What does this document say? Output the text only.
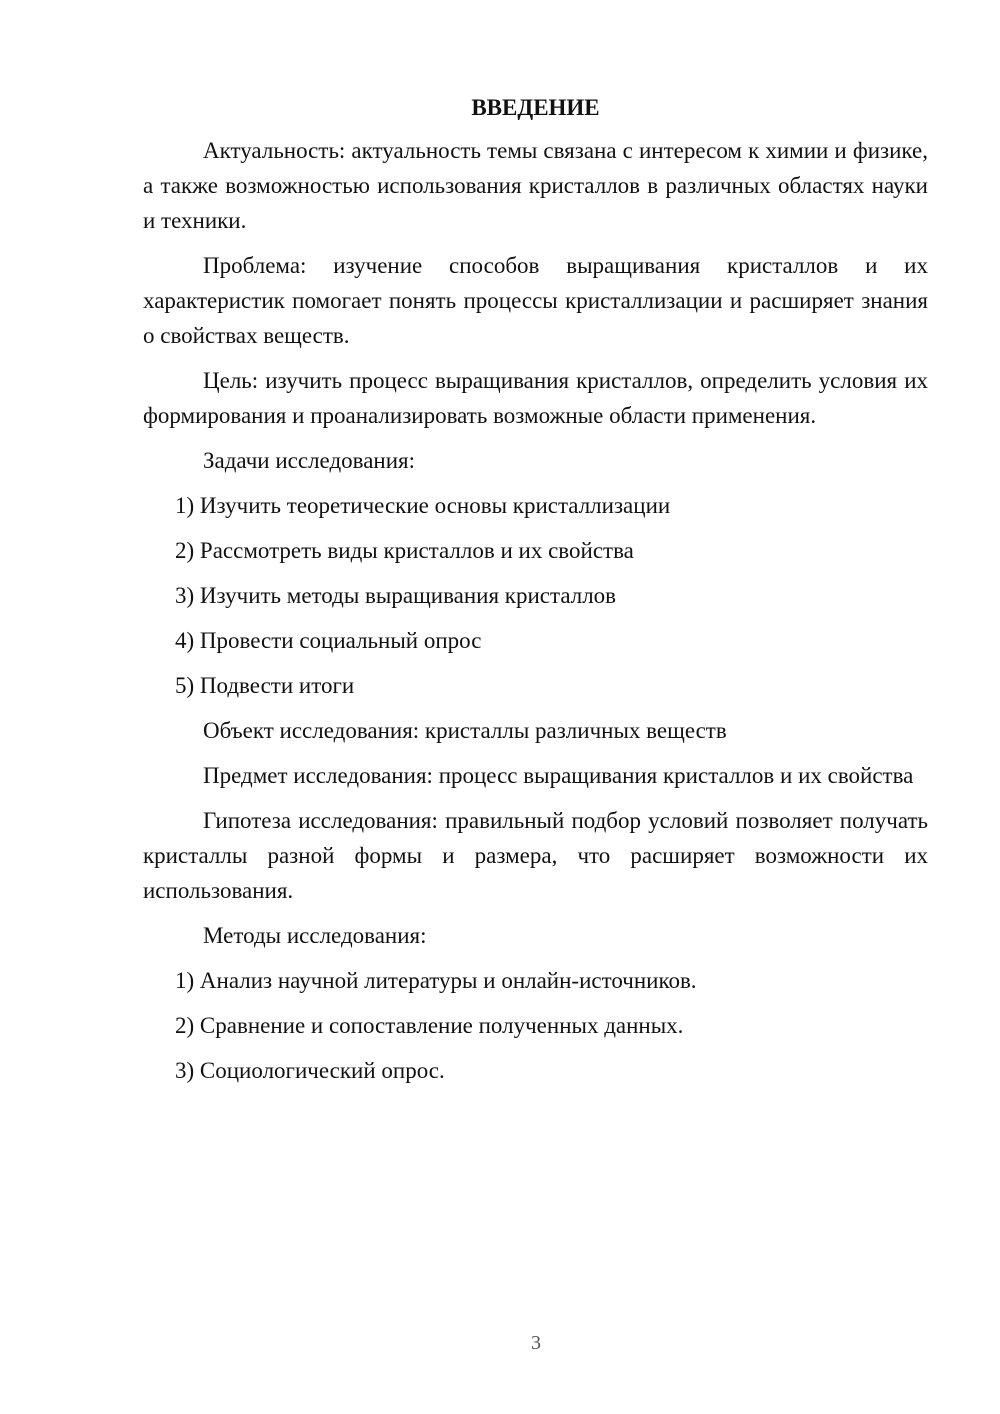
ВВЕДЕНИЕ

Актуальность: актуальность темы связана с интересом к химии и физике, а также возможностью использования кристаллов в различных областях науки и техники.

Проблема: изучение способов выращивания кристаллов и их характеристик помогает понять процессы кристаллизации и расширяет знания о свойствах веществ.

Цель: изучить процесс выращивания кристаллов, определить условия их формирования и проанализировать возможные области применения.

Задачи исследования:

1) Изучить теоретические основы кристаллизации
2) Рассмотреть виды кристаллов и их свойства
3) Изучить методы выращивания кристаллов
4) Провести социальный опрос
5) Подвести итоги

Объект исследования: кристаллы различных веществ

Предмет исследования: процесс выращивания кристаллов и их свойства

Гипотеза исследования: правильный подбор условий позволяет получать кристаллы разной формы и размера, что расширяет возможности их использования.

Методы исследования:

1) Анализ научной литературы и онлайн-источников.
2) Сравнение и сопоставление полученных данных.
3) Социологический опрос.
3
